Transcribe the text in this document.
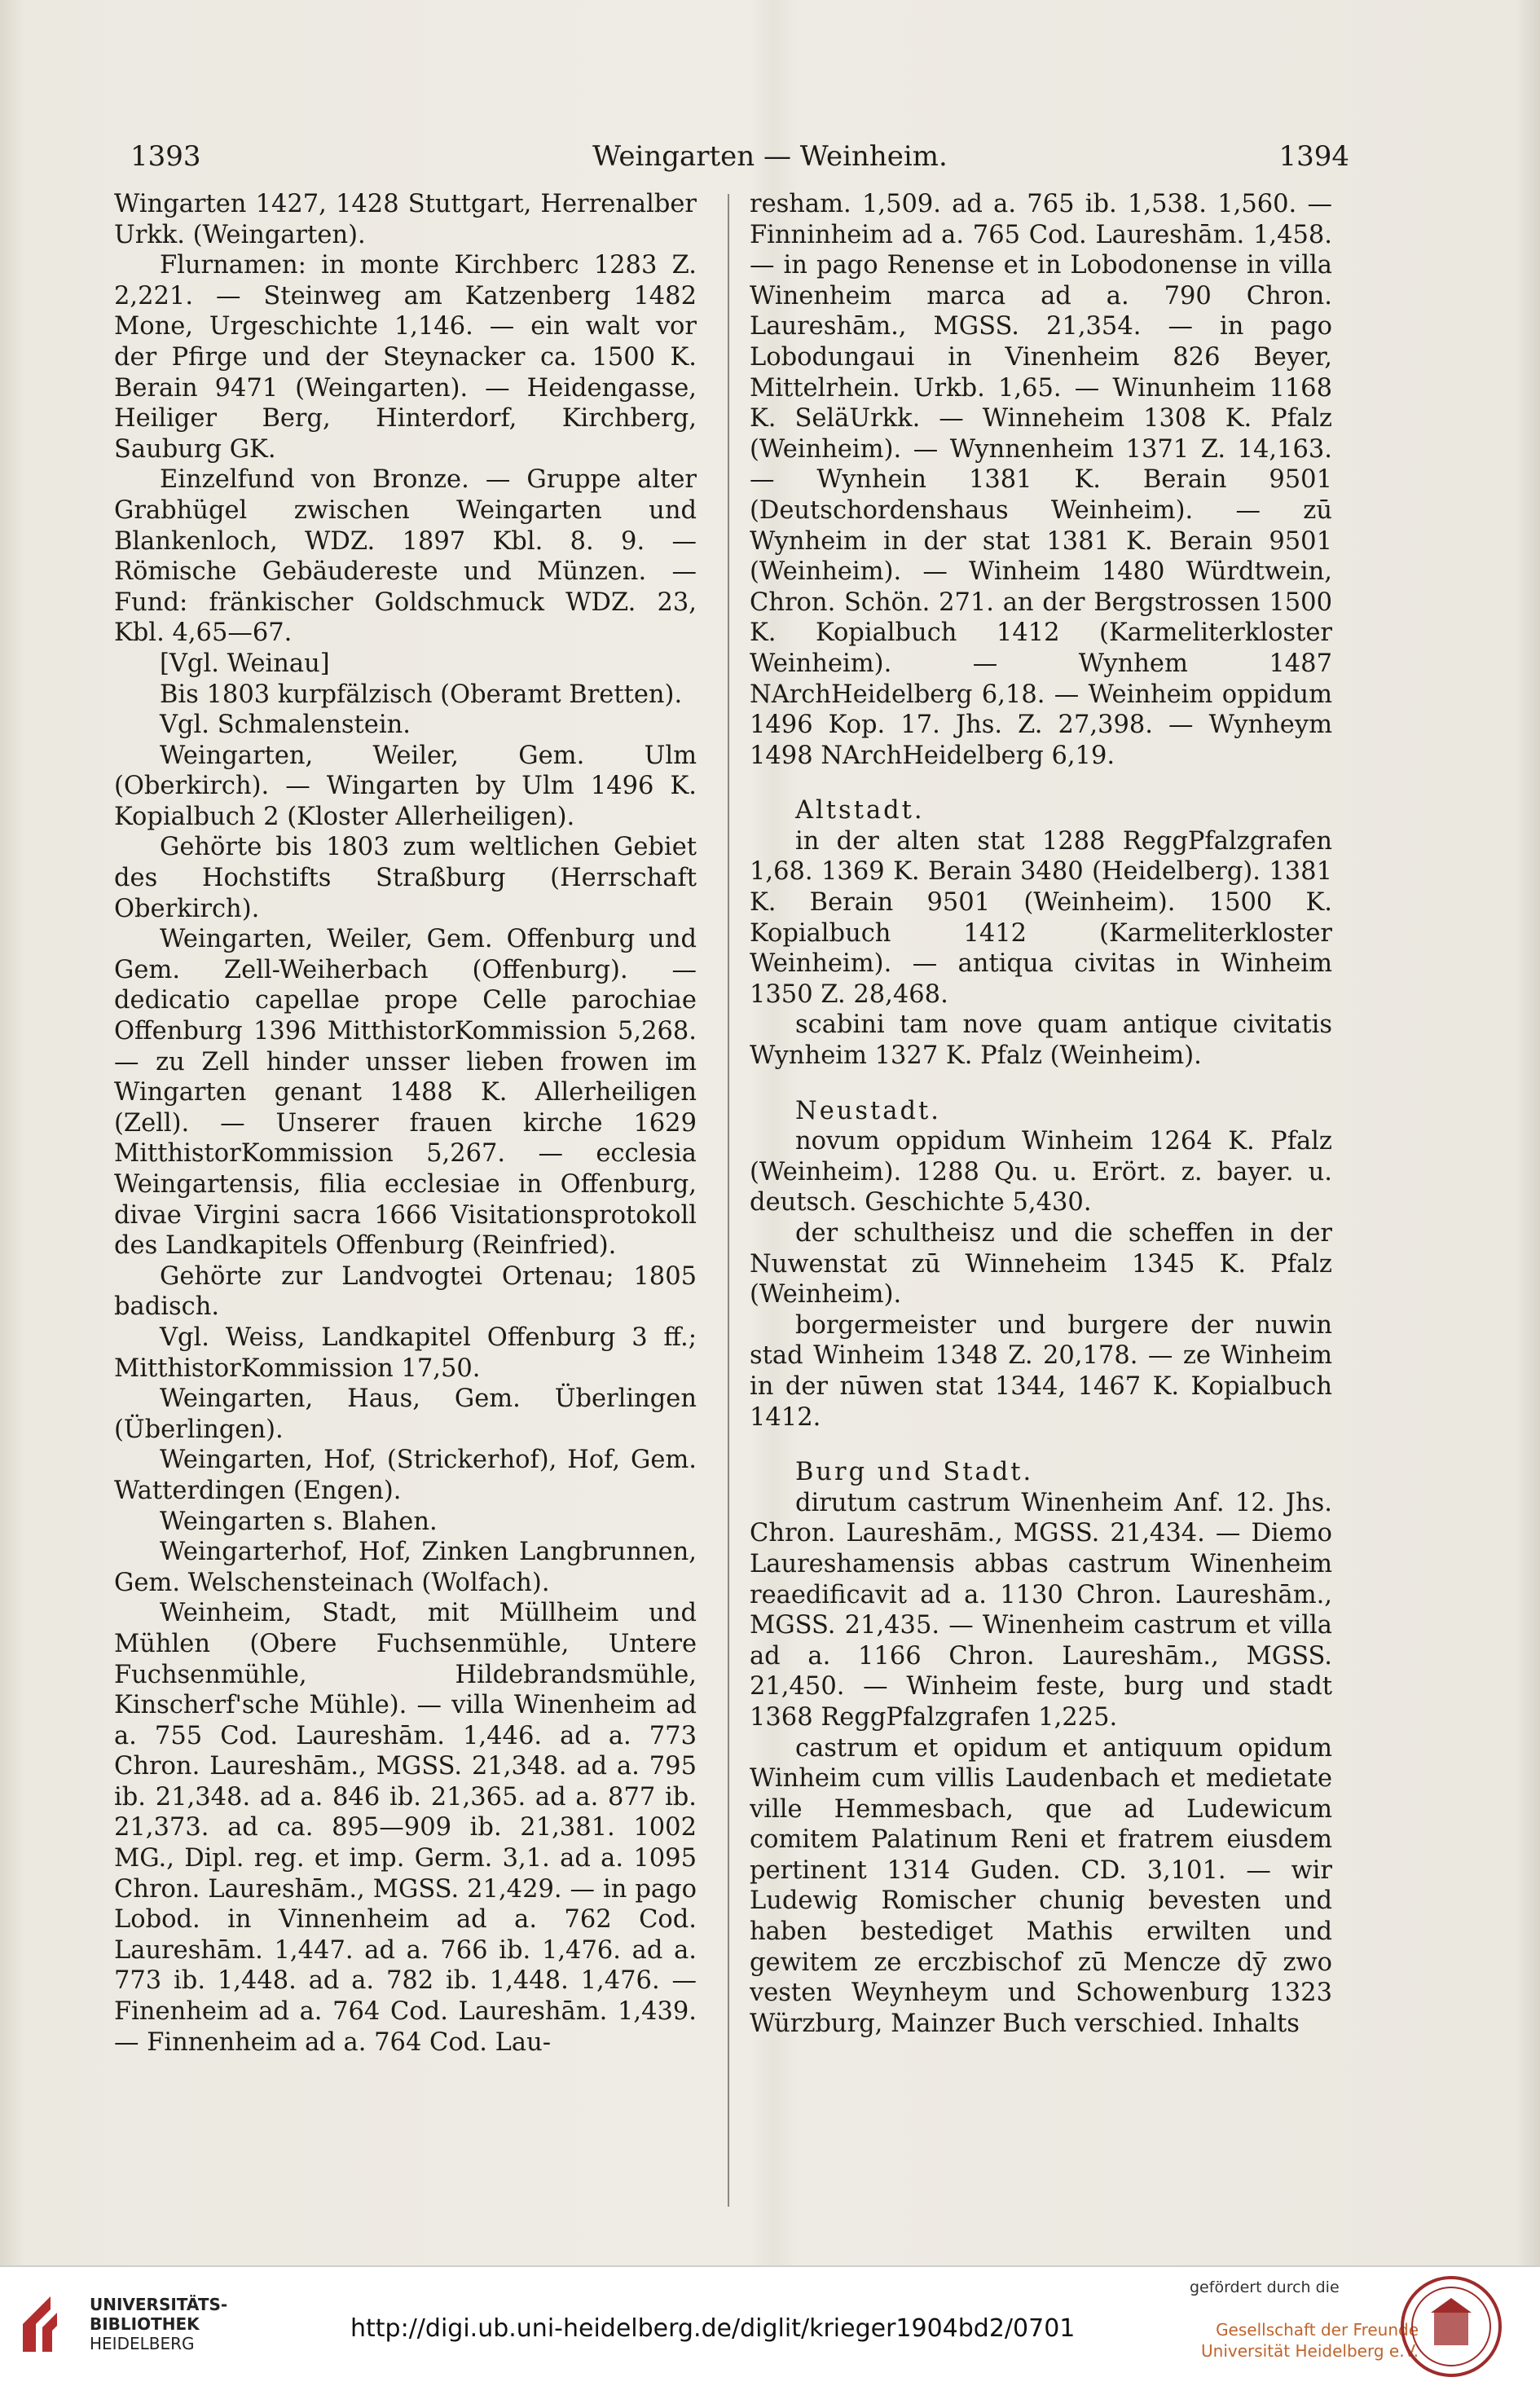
1393	Weingarten — Weinheim.	1394

Wingarten 1427, 1428 Stuttgart, Herrenalber Urkk. (Weingarten).

Flurnamen: in monte Kirchberc 1283 Z. 2,221. — Steinweg am Katzenberg 1482 Mone, Urgeschichte 1,146. — ein walt vor der Pfirge und der Steynacker ca. 1500 K. Berain 9471 (Weingarten). — Heidengasse, Heiliger Berg, Hinterdorf, Kirchberg, Sauburg GK.

Einzelfund von Bronze. — Gruppe alter Grabhügel zwischen Weingarten und Blankenloch, WDZ. 1897 Kbl. 8. 9. — Römische Gebäudereste und Münzen. — Fund: fränkischer Goldschmuck WDZ. 23, Kbl. 4,65—67.

[Vgl. Weinau]

Bis 1803 kurpfälzisch (Oberamt Bretten).

Vgl. Schmalenstein.

Weingarten, Weiler, Gem. Ulm (Oberkirch). — Wingarten by Ulm 1496 K. Kopialbuch 2 (Kloster Allerheiligen).

Gehörte bis 1803 zum weltlichen Gebiet des Hochstifts Straßburg (Herrschaft Oberkirch).

Weingarten, Weiler, Gem. Offenburg und Gem. Zell-Weiherbach (Offenburg). — dedicatio capellae prope Celle parochiae Offenburg 1396 MitthistorKommission 5,268. — zu Zell hinder unsser lieben frowen im Wingarten genant 1488 K. Allerheiligen (Zell). — Unserer frauen kirche 1629 MitthistorKommission 5,267. — ecclesia Weingartensis, filia ecclesiae in Offenburg, divae Virgini sacra 1666 Visitationsprotokoll des Landkapitels Offenburg (Reinfried).

Gehörte zur Landvogtei Ortenau; 1805 badisch.

Vgl. Weiss, Landkapitel Offenburg 3 ff.; MitthistorKommission 17,50.

Weingarten, Haus, Gem. Überlingen (Überlingen).

Weingarten, Hof, (Strickerhof), Hof, Gem. Watterdingen (Engen).

Weingarten s. Blahen.

Weingarterhof, Hof, Zinken Langbrunnen, Gem. Welschensteinach (Wolfach).

Weinheim, Stadt, mit Müllheim und Mühlen (Obere Fuchsenmühle, Untere Fuchsenmühle, Hildebrandsmühle, Kinscherf'sche Mühle). — villa Winenheim ad a. 755 Cod. Laureshām. 1,446. ad a. 773 Chron. Laureshām., MGSS. 21,348. ad a. 795 ib. 21,348. ad a. 846 ib. 21,365. ad a. 877 ib. 21,373. ad ca. 895—909 ib. 21,381. 1002 MG., Dipl. reg. et imp. Germ. 3,1. ad a. 1095 Chron. Laureshām., MGSS. 21,429. — in pago Lobod. in Vinnenheim ad a. 762 Cod. Laureshām. 1,447. ad a. 766 ib. 1,476. ad a. 773 ib. 1,448. ad a. 782 ib. 1,448. 1,476. — Finenheim ad a. 764 Cod. Laureshām. 1,439. — Finnenheim ad a. 764 Cod. Lau-

resham. 1,509. ad a. 765 ib. 1,538. 1,560. — Finninheim ad a. 765 Cod. Laureshām. 1,458. — in pago Renense et in Lobodonense in villa Winenheim marca ad a. 790 Chron. Laureshām., MGSS. 21,354. — in pago Lobodungaui in Vinenheim 826 Beyer, Mittelrhein. Urkb. 1,65. — Winunheim 1168 K. SeläUrkk. — Winneheim 1308 K. Pfalz (Weinheim). — Wynnenheim 1371 Z. 14,163. — Wynhein 1381 K. Berain 9501 (Deutschordenshaus Weinheim). — zū Wynheim in der stat 1381 K. Berain 9501 (Weinheim). — Winheim 1480 Würdtwein, Chron. Schön. 271. an der Bergstrossen 1500 K. Kopialbuch 1412 (Karmeliterkloster Weinheim). — Wynhem 1487 NArchHeidelberg 6,18. — Weinheim oppidum 1496 Kop. 17. Jhs. Z. 27,398. — Wynheym 1498 NArchHeidelberg 6,19.

Altstadt.

in der alten stat 1288 ReggPfalzgrafen 1,68. 1369 K. Berain 3480 (Heidelberg). 1381 K. Berain 9501 (Weinheim). 1500 K. Kopialbuch 1412 (Karmeliterkloster Weinheim). — antiqua civitas in Winheim 1350 Z. 28,468.

scabini tam nove quam antique civitatis Wynheim 1327 K. Pfalz (Weinheim).

Neustadt.

novum oppidum Winheim 1264 K. Pfalz (Weinheim). 1288 Qu. u. Erört. z. bayer. u. deutsch. Geschichte 5,430.

der schultheisz und die scheffen in der Nuwenstat zū Winneheim 1345 K. Pfalz (Weinheim).

borgermeister und burgere der nuwin stad Winheim 1348 Z. 20,178. — ze Winheim in der nūwen stat 1344, 1467 K. Kopialbuch 1412.

Burg und Stadt.

dirutum castrum Winenheim Anf. 12. Jhs. Chron. Laureshām., MGSS. 21,434. — Diemo Laureshamensis abbas castrum Winenheim reaedificavit ad a. 1130 Chron. Laureshām., MGSS. 21,435. — Winenheim castrum et villa ad a. 1166 Chron. Laureshām., MGSS. 21,450. — Winheim feste, burg und stadt 1368 ReggPfalzgrafen 1,225.

castrum et opidum et antiquum opidum Winheim cum villis Laudenbach et medietate ville Hemmesbach, que ad Ludewicum comitem Palatinum Reni et fratrem eiusdem pertinent 1314 Guden. CD. 3,101. — wir Ludewig Romischer chunig bevesten und haben bestediget Mathis erwilten und gewitem ze erczbischof zū Mencze dȳ zwo vesten Weynheym und Schowenburg 1323 Würzburg, Mainzer Buch verschied. Inhalts

UNIVERSITÄTS-
BIBLIOTHEK
HEIDELBERG
http://digi.ub.uni-heidelberg.de/diglit/krieger1904bd2/0701
gefördert durch die
Gesellschaft der Freunde
Universität Heidelberg e.V.
